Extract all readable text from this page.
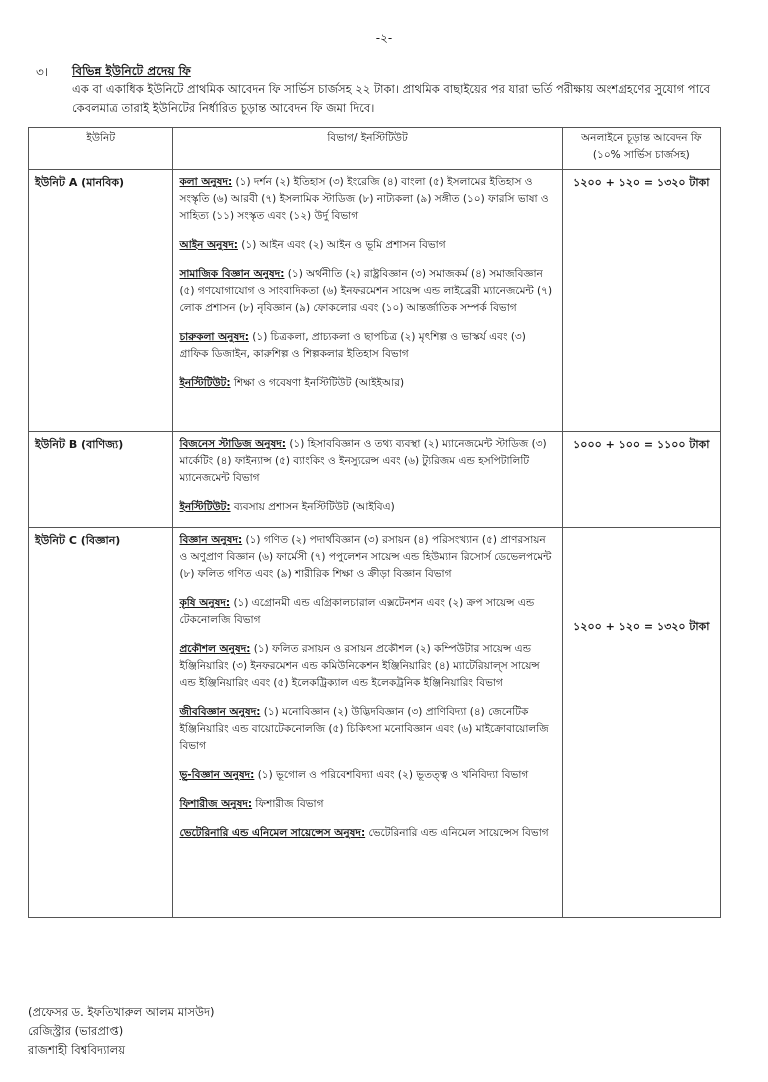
-২-
৩। বিভিন্ন ইউনিটে প্রদেয় ফি
এক বা একাধিক ইউনিটে প্রাথমিক আবেদন ফি সার্ভিস চার্জসহ ২২ টাকা। প্রাথমিক বাছাইয়ের পর যারা ভর্তি পরীক্ষায় অংশগ্রহণের সুযোগ পাবে কেবলমাত্র তারাই ইউনিটের নির্ধারিত চূড়ান্ত আবেদন ফি জমা দিবে।
ইউনিট	বিভাগ/ ইনস্টিটিউট	অনলাইনে চূড়ান্ত আবেদন ফি
(১০% সার্ভিস চার্জসহ)

ইউনিট A (মানবিক)	কলা অনুষদ: (১) দর্শন (২) ইতিহাস (৩) ইংরেজি (৪) বাংলা (৫) ইসলামের ইতিহাস ও সংস্কৃতি (৬) আরবী (৭) ইসলামিক স্টাডিজ (৮) নাট্যকলা (৯) সঙ্গীত (১০) ফারসি ভাষা ও সাহিত্য (১১) সংস্কৃত এবং (১২) উর্দু বিভাগ
আইন অনুষদ: (১) আইন এবং (২) আইন ও ভূমি প্রশাসন বিভাগ
সামাজিক বিজ্ঞান অনুষদ: (১) অর্থনীতি (২) রাষ্ট্রবিজ্ঞান (৩) সমাজকর্ম (৪) সমাজবিজ্ঞান (৫) গণযোগাযোগ ও সাংবাদিকতা (৬) ইনফরমেশন সায়েন্স এন্ড লাইব্রেরী ম্যানেজমেন্ট (৭) লোক প্রশাসন (৮) নৃবিজ্ঞান (৯) ফোকলোর এবং (১০) আন্তর্জাতিক সম্পর্ক বিভাগ
চারুকলা অনুষদ: (১) চিত্রকলা, প্রাচ্যকলা ও ছাপচিত্র (২) মৃৎশিল্প ও ভাস্কর্য এবং (৩) গ্রাফিক ডিজাইন, কারুশিল্প ও শিল্পকলার ইতিহাস বিভাগ
ইনস্টিটিউট: শিক্ষা ও গবেষণা ইনস্টিটিউট (আইইআর)	১২০০ + ১২০ = ১৩২০ টাকা
ইউনিট B (বাণিজ্য)	বিজনেস স্টাডিজ অনুষদ: (১) হিসাববিজ্ঞান ও তথ্য ব্যবস্থা (২) ম্যানেজমেন্ট স্টাডিজ (৩) মার্কেটিং (৪) ফাইন্যান্স (৫) ব্যাংকিং ও ইনস্যুরেন্স এবং (৬) ট্যুরিজম এন্ড হসপিটালিটি ম্যানেজমেন্ট বিভাগ
ইনস্টিটিউট: ব্যবসায় প্রশাসন ইনস্টিটিউট (আইবিএ)	১০০০ + ১০০ = ১১০০ টাকা
ইউনিট C (বিজ্ঞান)	বিজ্ঞান অনুষদ: (১) গণিত (২) পদার্থবিজ্ঞান (৩) রসায়ন (৪) পরিসংখ্যান (৫) প্রাণরসায়ন ও অণুপ্রাণ বিজ্ঞান (৬) ফার্মেসী (৭) পপুলেশন সায়েন্স এন্ড হিউম্যান রিসোর্স ডেভেলপমেন্ট (৮) ফলিত গণিত এবং (৯) শারীরিক শিক্ষা ও ক্রীড়া বিজ্ঞান বিভাগ
কৃষি অনুষদ: (১) এগ্রোনমী এন্ড এগ্রিকালচারাল এক্সটেনশন এবং (২) ক্রপ সায়েন্স এন্ড টেকনোলজি বিভাগ
প্রকৌশল অনুষদ: (১) ফলিত রসায়ন ও রসায়ন প্রকৌশল (২) কম্পিউটার সায়েন্স এন্ড ইঞ্জিনিয়ারিং (৩) ইনফরমেশন এন্ড কমিউনিকেশন ইঞ্জিনিয়ারিং (৪) ম্যাটেরিয়াল্স সায়েন্স এন্ড ইঞ্জিনিয়ারিং এবং (৫) ইলেকট্রিক্যাল এন্ড ইলেকট্রনিক ইঞ্জিনিয়ারিং বিভাগ
জীববিজ্ঞান অনুষদ: (১) মনোবিজ্ঞান (২) উদ্ভিদবিজ্ঞান (৩) প্রাণিবিদ্যা (৪) জেনেটিক ইঞ্জিনিয়ারিং এন্ড বায়োটেকনোলজি (৫) চিকিৎসা মনোবিজ্ঞান এবং (৬) মাইক্রোবায়োলজি বিভাগ
ভূ-বিজ্ঞান অনুষদ: (১) ভূগোল ও পরিবেশবিদ্যা এবং (২) ভূতত্ত্ব ও খনিবিদ্যা বিভাগ
ফিশারীজ অনুষদ: ফিশারীজ বিভাগ
ভেটেরিনারি এন্ড এনিমেল সায়েন্সেস অনুষদ: ভেটেরিনারি এন্ড এনিমেল সায়েন্সেস বিভাগ
	১২০০ + ১২০ = ১৩২০ টাকা
(প্রফেসর ড. ইফতিখারুল আলম মাসউদ)
রেজিস্ট্রার (ভারপ্রাপ্ত)
রাজশাহী বিশ্ববিদ্যালয়
